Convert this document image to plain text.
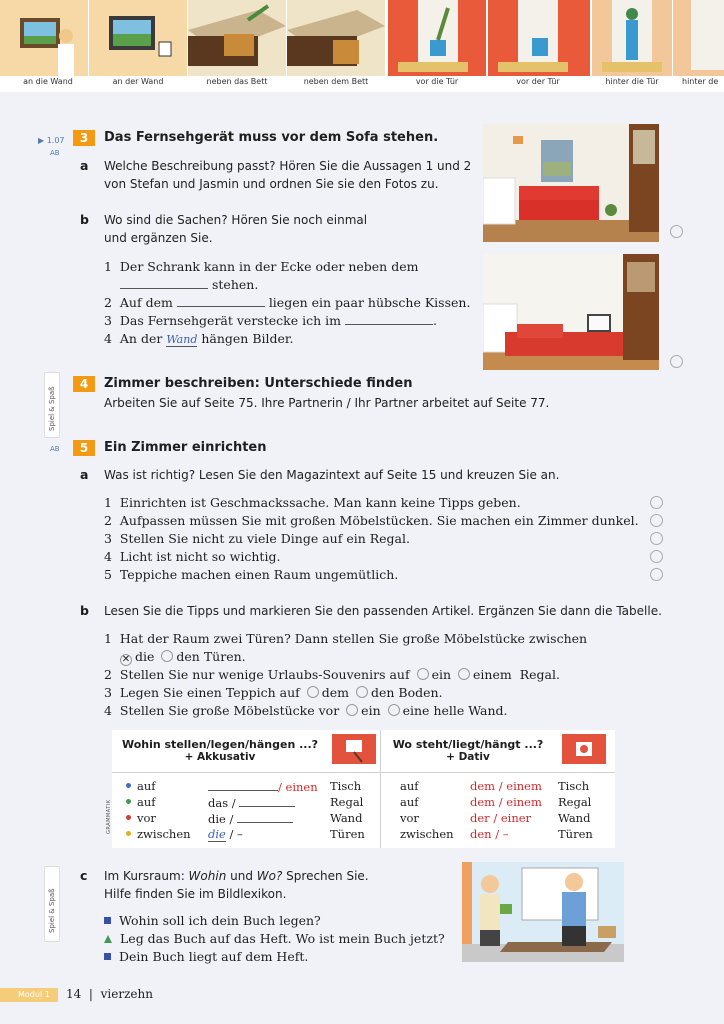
an die Wand	an der Wand	neben das Bett	neben dem Bett	vor die Tür	vor der Tür	hinter die Tür	hinter de
▶ 1.07
AB
3	Das Fernsehgerät muss vor dem Sofa stehen.
a Welche Beschreibung passt? Hören Sie die Aussagen 1 und 2
von Stefan und Jasmin und ordnen Sie sie den Fotos zu.
b Wo sind die Sachen? Hören Sie noch einmal
und ergänzen Sie.
1 Der Schrank kann in der Ecke oder neben dem
stehen.
2 Auf dem	liegen ein paar hübsche Kissen.
3 Das Fernsehgerät verstecke ich im	.
4 An der Wand hängen Bilder.
Spiel & Spaß
4	Zimmer beschreiben: Unterschiede finden
Arbeiten Sie auf Seite 75. Ihre Partnerin / Ihr Partner arbeitet auf Seite 77.
AB	5	Ein Zimmer einrichten
a Was ist richtig? Lesen Sie den Magazintext auf Seite 15 und kreuzen Sie an.
1 Einrichten ist Geschmackssache. Man kann keine Tipps geben.
2 Aufpassen müssen Sie mit großen Möbelstücken. Sie machen ein Zimmer dunkel.
3 Stellen Sie nicht zu viele Dinge auf ein Regal.
4 Licht ist nicht so wichtig.
5 Teppiche machen einen Raum ungemütlich.
b Lesen Sie die Tipps und markieren Sie den passenden Artikel. Ergänzen Sie dann die Tabelle.
1 Hat der Raum zwei Türen? Dann stellen Sie große Möbelstücke zwischen
✕ die den Türen.
2 Stellen Sie nur wenige Urlaubs-Souvenirs auf ein einem Regal.
3 Legen Sie einen Teppich auf dem den Boden.
4 Stellen Sie große Möbelstücke vor ein eine helle Wand.
GRAMMATIK
Wohin stellen/legen/hängen ...?
+ Akkusativ
Wo steht/liegt/hängt ...?
+ Dativ
auf	/ einen Tisch	auf	dem / einem Tisch
auf	das /	Regal	auf	dem / einem Regal
vor	die /	Wand	vor	der / einer Wand
zwischen die / –	Türen	zwischen den / –	Türen
Spiel & Spaß
c Im Kursraum: Wohin und Wo? Sprechen Sie.
Hilfe finden Sie im Bildlexikon.
Wohin soll ich dein Buch legen?
Leg das Buch auf das Heft. Wo ist mein Buch jetzt?
Dein Buch liegt auf dem Heft.
Modul 1	14 | vierzehn
